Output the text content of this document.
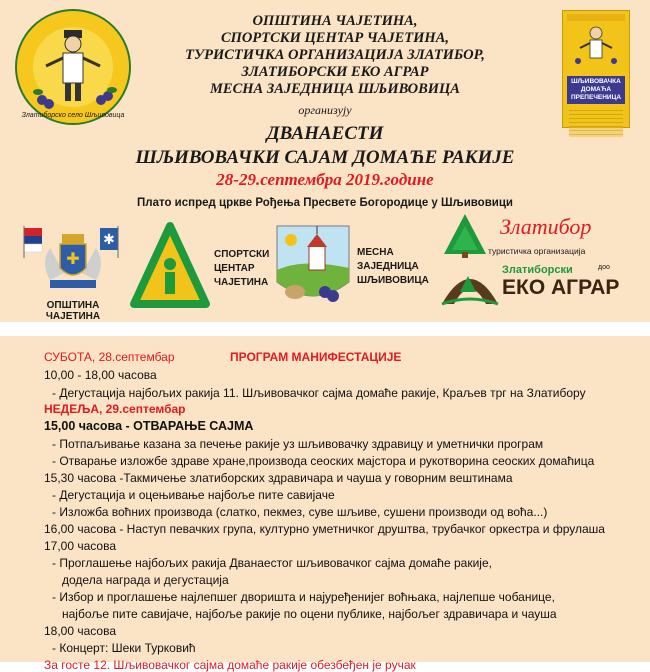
Златиборско село Шљивовица
ОПШТИНА ЧАЈЕТИНА,
СПОРТСКИ ЦЕНТАР ЧАЈЕТИНА,
ТУРИСТИЧКА ОРГАНИЗАЦИЈА ЗЛАТИБОР,
ЗЛАТИБОРСКИ ЕКО АГРАР
МЕСНА ЗАЈЕДНИЦА ШЉИВОВИЦА	ШЉИВОВАЧКА ДОМАЋА ПРЕПЕЧЕНИЦА
организују
ДВАНАЕСТИ
ШЉИВОВАЧКИ САЈАМ ДОМАЋЕ РАКИЈЕ
28-29.септембра 2019.године
Плато испред цркве Рођења Пресвете Богородице у Шљивовици
✱
✚
ОПШТИНА ЧАЈЕТИНА
СПОРТСКИ
ЦЕНТАР
ЧАЈЕТИНА
МЕСНА
ЗАЈЕДНИЦА
ШЉИВОВИЦА
Златибор
туристичка организација
Златиборски
ЕКО АГРАР
доо
СУБОТА, 28.септембар	ПРОГРАМ МАНИФЕСТАЦИЈЕ
10,00 - 18,00 часова
- Дегустација најбољих ракија 11. Шљивовачког сајма домаће ракије, Краљев трг на Златибору
НЕДЕЉА, 29.септембар
15,00 часова - ОТВАРАЊЕ САЈМА
- Потпаљивање казана за печење ракије уз шљивовачку здравицу и уметнички програм
- Отварање изложбе здраве хране,производа сеоских мајстора и рукотворина сеоских домаћица
15,30 часова -Такмичење златиборских здравичара и чауша у говорним вештинама
- Дегустација и оцењивање најбоље пите савијаче
- Изложба воћних производа (слатко, пекмез, суве шљиве, сушени производи од воћа...)
16,00 часова - Наступ певачких група, културно уметничког друштва, трубачког оркестра и фрулаша
17,00 часова
- Проглашење најбољих ракија Дванаестог шљивовачког сајма домаће ракије,
додела награда и дегустација
- Избор и проглашење најлепшег дворишта и најуређенијег воћњака, најлепше чобанице,
најбоље пите савијаче, најбоље ракије по оцени публике, најбољег здравичара и чауша
18,00 часова
- Концерт: Шеки Турковић
За госте 12. Шљивовачког сајма домаће ракије обезбеђен је ручак
